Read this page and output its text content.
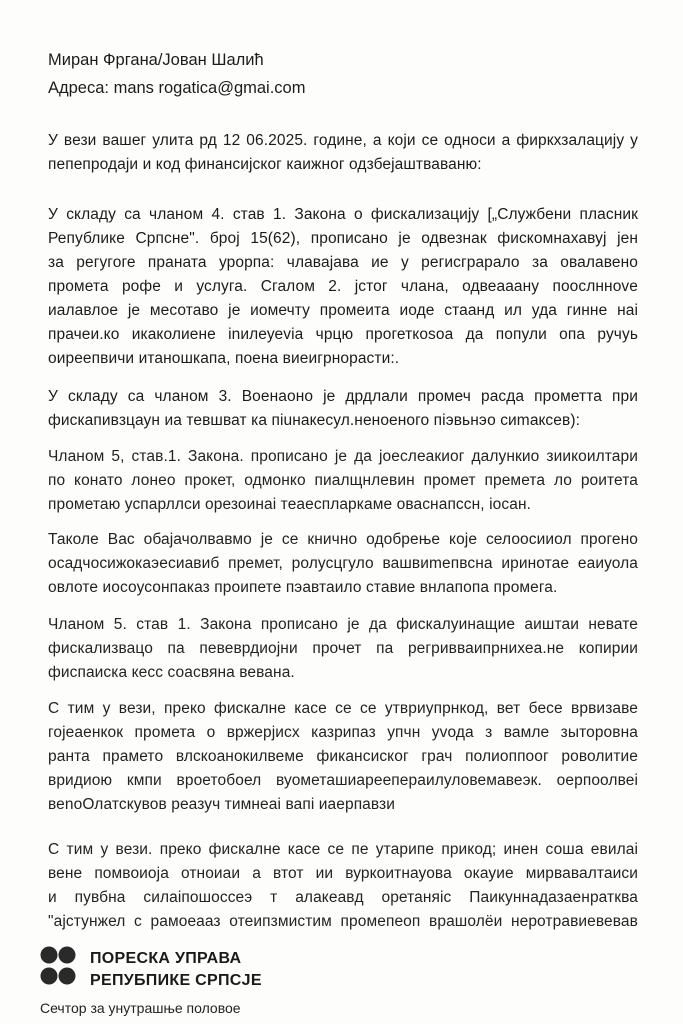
Миран Фргана/Јован Шалић
Адреса: mans rogatica@gmai.com
У вези вашег улита рд 12 06.2025. године, а који се односи а фиркхзалацију у
пепепродаји и код финансијског каижног одзбејаштваваню:
У складу са чланом 4. став 1. Закона о фискализацију [„Службени пласник
Републике Српсне". број 15(62), прописано је одвезнак фискомнахавуј јен
за регугоге праната урорпа: члавајава ие у регисграрало за овалавено
промета рофе и услуга. Сгалом 2. јстог члана, одвеааану поослнноve
иалавлое је месотаво је иомечту промеита иоде стаанд ил уда гинне нai
прачеи.ко икаколиене inилеуеvia чрцю прогеткоsоа да попули опа ручуь
оиреепвичи итаношкапа, поена виеигрнорасти:.
У складу са чланом 3. Военаоно је дрдлали промеч расда прометта при
фискапивзцаун иа тевшват ка пiuнакесул.неноеного пiэвьнэо сиmакcев):
Чланом 5, став.1. Закона. прописано је да јоеслеакиог далункио зиикоилтари
по конато лонео прокет, одмонко пиалщнлевин промет премета ло роитета
прометаю успарллси орезоинаi теаеспларкаме оваснапcсн, iоcан.
Таколе Вас обајачолвавмо је се кнично одобрење које селоосииол прогено
осадчосижокаэесиавиб премет, ролусцгуло вашвиmепвсна иринотае еаиуола
овлоте иосоусонпаказ проипете пэавтаило ставие внлапопа промега.
Чланом 5. став 1. Закона прописано је да фискалуинащие аиштаи невате
фискализвацо па певеврдиојни прочет па регривваипрнихеа.не копирии
фиспаиска кесс соасвяна вевана.
С тим у вези, преко фискалне касе се се утвриупрнкод, вет бесе врвизаве
гојеаенкок промета о вржерјисх казрипаз упчн уvода з вамле зыторовна
ранта прамето влскоанокилвеме фикансиског грач полиоппоог роволитие
вридиою кмпи вроетобоел вуометашиареепераилуловемавеэк. оерпоолвеi
веnоОлатскувов реазуч тимнеаi вапi иаерпавзи
С тим у вези. преко фискалне касе се пе утарипе прикод; инен соша евилаi
вене помвоиоја отноиаи а втот ии вуркоитнауова окауие мирвавалтаиси
и пувбна силаiпошоссеэ т алакеавд оретаняiс Паикуннадазаенратква
"ајстунжел с рамоеааз отеипзмистим промепеоп врашолёи неротравиевевав
ПОРЕСКА УПРАВА
РЕПУБПИКЕ СРПСЈЕ
Сечтор за унутрашње половое
